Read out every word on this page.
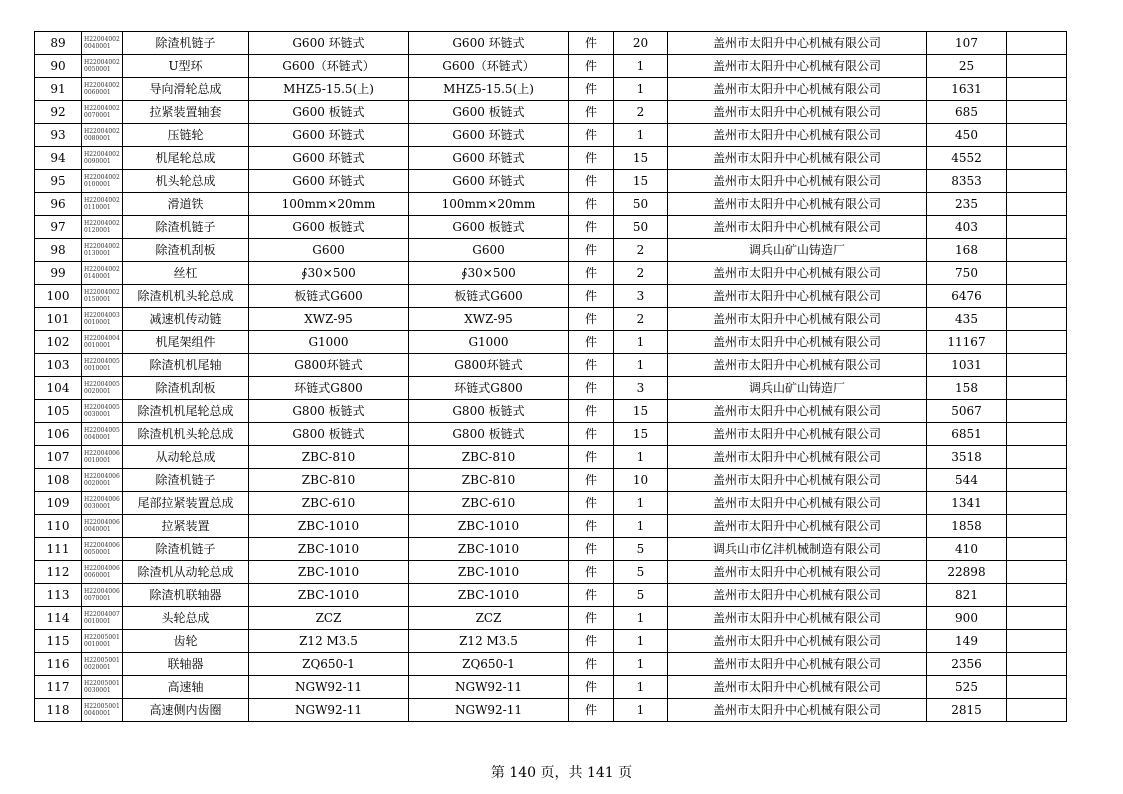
89	H220040020040001	除渣机链子	G600 环链式	G600 环链式	件	20	盖州市太阳升中心机械有限公司	107	
90	H220040020050001	U型环	G600（环链式）	G600（环链式）	件	1	盖州市太阳升中心机械有限公司	25	
91	H220040020060001	导向滑轮总成	MHZ5-15.5(上)	MHZ5-15.5(上)	件	1	盖州市太阳升中心机械有限公司	1631	
92	H220040020070001	拉紧装置轴套	G600 板链式	G600 板链式	件	2	盖州市太阳升中心机械有限公司	685	
93	H220040020080001	压链轮	G600 环链式	G600 环链式	件	1	盖州市太阳升中心机械有限公司	450	
94	H220040020090001	机尾轮总成	G600 环链式	G600 环链式	件	15	盖州市太阳升中心机械有限公司	4552	
95	H220040020100001	机头轮总成	G600 环链式	G600 环链式	件	15	盖州市太阳升中心机械有限公司	8353	
96	H220040020110001	滑道铁	100mm×20mm	100mm×20mm	件	50	盖州市太阳升中心机械有限公司	235	
97	H220040020120001	除渣机链子	G600 板链式	G600 板链式	件	50	盖州市太阳升中心机械有限公司	403	
98	H220040020130001	除渣机刮板	G600	G600	件	2	调兵山矿山铸造厂	168	
99	H220040020140001	丝杠	∮30×500	∮30×500	件	2	盖州市太阳升中心机械有限公司	750	
100	H220040020150001	除渣机机头轮总成	板链式G600	板链式G600	件	3	盖州市太阳升中心机械有限公司	6476	
101	H220040030010001	减速机传动链	XWZ-95	XWZ-95	件	2	盖州市太阳升中心机械有限公司	435	
102	H220040040010001	机尾架组件	G1000	G1000	件	1	盖州市太阳升中心机械有限公司	11167	
103	H220040050010001	除渣机机尾轴	G800环链式	G800环链式	件	1	盖州市太阳升中心机械有限公司	1031	
104	H220040050020001	除渣机刮板	环链式G800	环链式G800	件	3	调兵山矿山铸造厂	158	
105	H220040050030001	除渣机机尾轮总成	G800 板链式	G800 板链式	件	15	盖州市太阳升中心机械有限公司	5067	
106	H220040050040001	除渣机机头轮总成	G800 板链式	G800 板链式	件	15	盖州市太阳升中心机械有限公司	6851	
107	H220040060010001	从动轮总成	ZBC-810	ZBC-810	件	1	盖州市太阳升中心机械有限公司	3518	
108	H220040060020001	除渣机链子	ZBC-810	ZBC-810	件	10	盖州市太阳升中心机械有限公司	544	
109	H220040060030001	尾部拉紧装置总成	ZBC-610	ZBC-610	件	1	盖州市太阳升中心机械有限公司	1341	
110	H220040060040001	拉紧装置	ZBC-1010	ZBC-1010	件	1	盖州市太阳升中心机械有限公司	1858	
111	H220040060050001	除渣机链子	ZBC-1010	ZBC-1010	件	5	调兵山市亿沣机械制造有限公司	410	
112	H220040060060001	除渣机从动轮总成	ZBC-1010	ZBC-1010	件	5	盖州市太阳升中心机械有限公司	22898	
113	H220040060070001	除渣机联轴器	ZBC-1010	ZBC-1010	件	5	盖州市太阳升中心机械有限公司	821	
114	H220040070010001	头轮总成	ZCZ	ZCZ	件	1	盖州市太阳升中心机械有限公司	900	
115	H220050010010001	齿轮	Z12 M3.5	Z12 M3.5	件	1	盖州市太阳升中心机械有限公司	149	
116	H220050010020001	联轴器	ZQ650-1	ZQ650-1	件	1	盖州市太阳升中心机械有限公司	2356	
117	H220050010030001	高速轴	NGW92-11	NGW92-11	件	1	盖州市太阳升中心机械有限公司	525	
118	H220050010040001	高速侧内齿圈	NGW92-11	NGW92-11	件	1	盖州市太阳升中心机械有限公司	2815	
第 140 页，共 141 页
